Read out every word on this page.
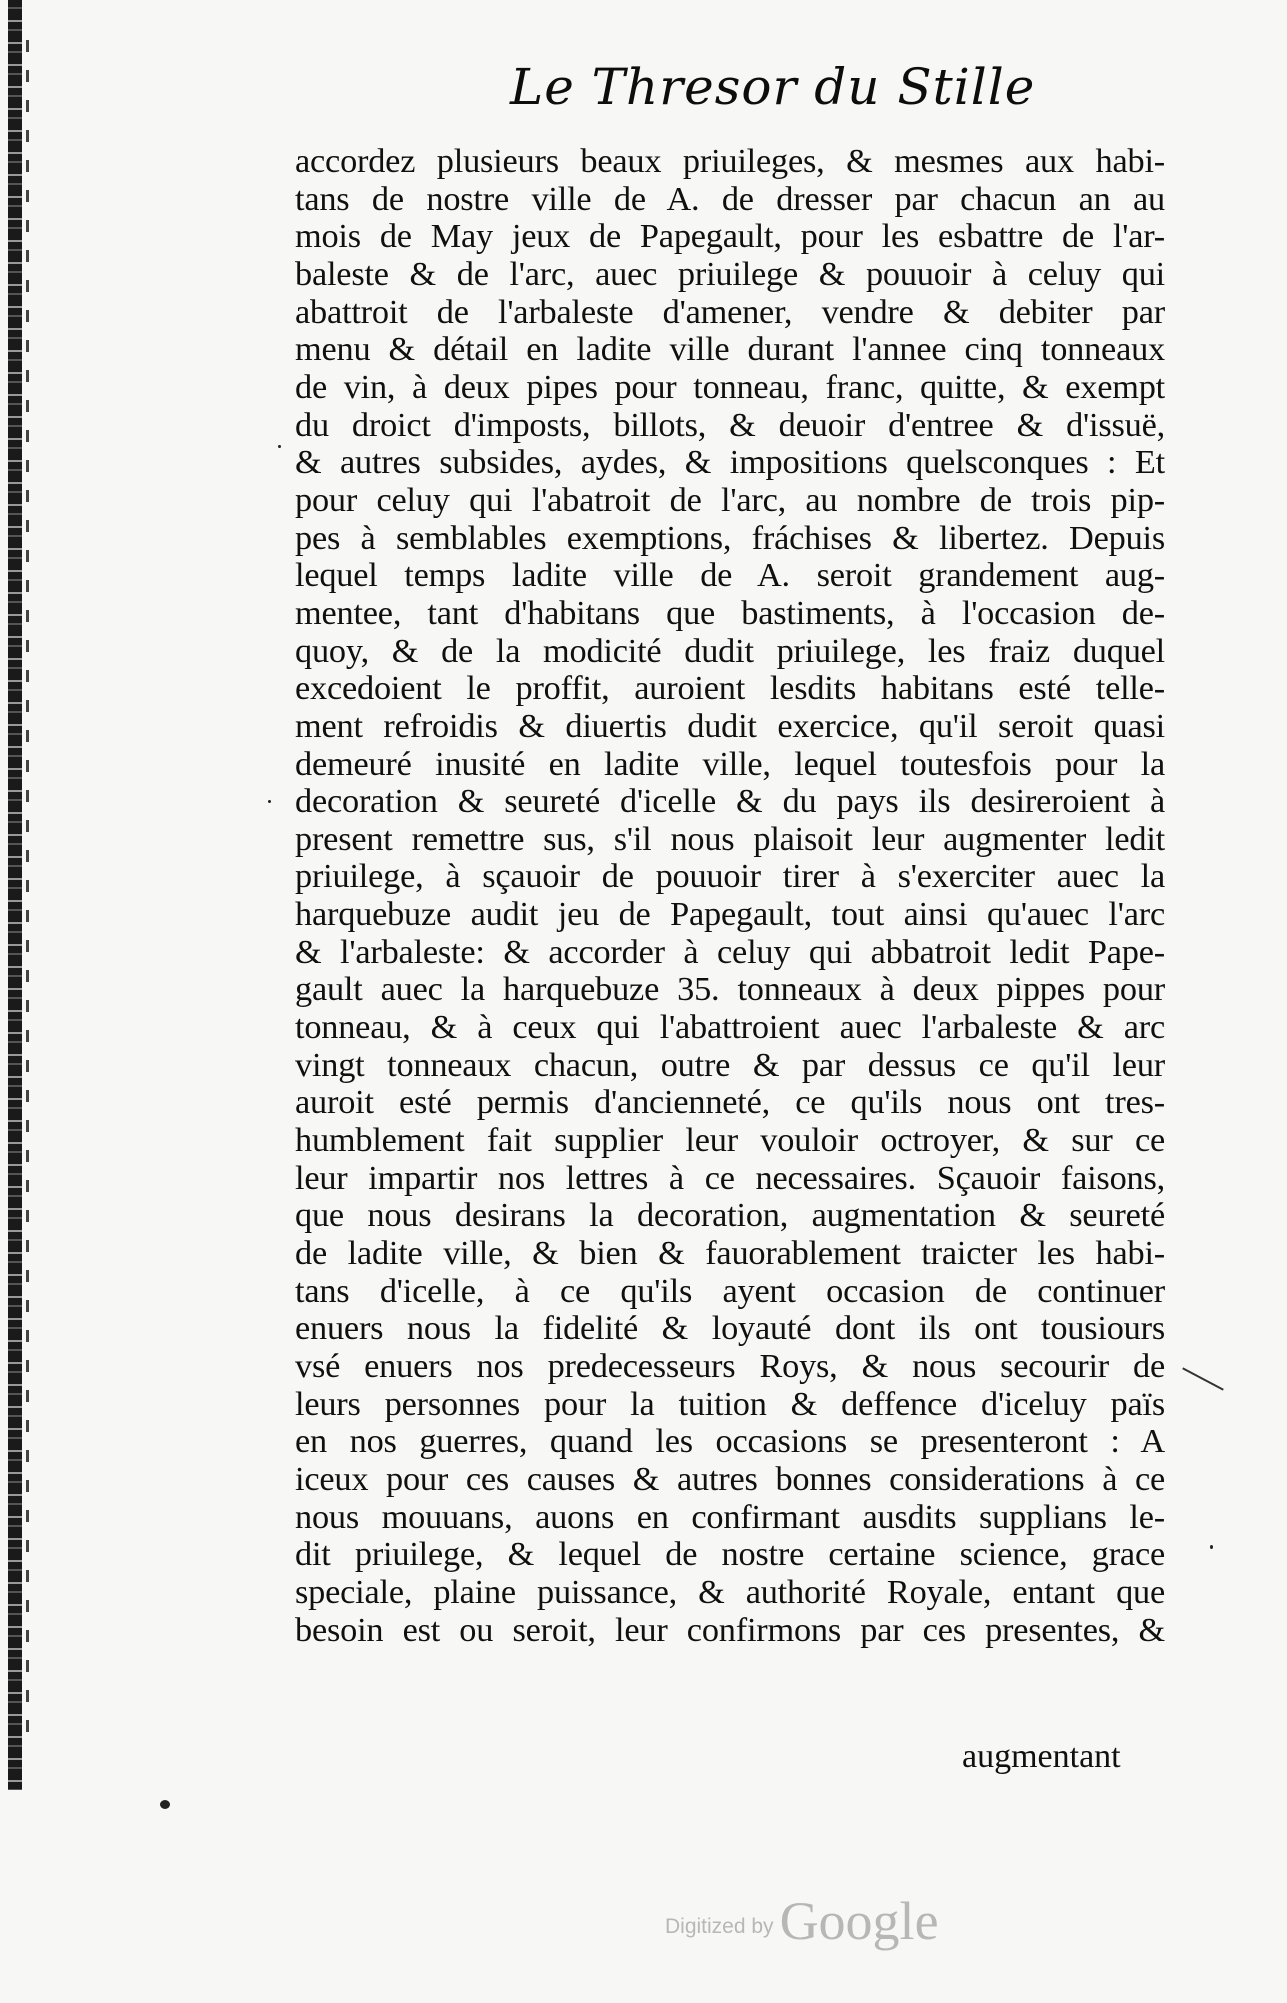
Le Thresor du Stille
accordez plusieurs beaux priuileges, & mesmes aux habi-
tans de nostre ville de A. de dresser par chacun an au
mois de May jeux de Papegault, pour les esbattre de l'ar-
baleste & de l'arc, auec priuilege & pouuoir à celuy qui
abattroit de l'arbaleste d'amener, vendre & debiter par
menu & détail en ladite ville durant l'annee cinq tonneaux
de vin, à deux pipes pour tonneau, franc, quitte, & exempt
du droict d'imposts, billots, & deuoir d'entree & d'issuë,
& autres subsides, aydes, & impositions quelsconques : Et
pour celuy qui l'abatroit de l'arc, au nombre de trois pip-
pes à semblables exemptions, fráchises & libertez. Depuis
lequel temps ladite ville de A. seroit grandement aug-
mentee, tant d'habitans que bastiments, à l'occasion de-
quoy, & de la modicité dudit priuilege, les fraiz duquel
excedoient le proffit, auroient lesdits habitans esté telle-
ment refroidis & diuertis dudit exercice, qu'il seroit quasi
demeuré inusité en ladite ville, lequel toutesfois pour la
decoration & seureté d'icelle & du pays ils desireroient à
present remettre sus, s'il nous plaisoit leur augmenter ledit
priuilege, à sçauoir de pouuoir tirer à s'exerciter auec la
harquebuze audit jeu de Papegault, tout ainsi qu'auec l'arc
& l'arbaleste: & accorder à celuy qui abbatroit ledit Pape-
gault auec la harquebuze 35. tonneaux à deux pippes pour
tonneau, & à ceux qui l'abattroient auec l'arbaleste & arc
vingt tonneaux chacun, outre & par dessus ce qu'il leur
auroit esté permis d'ancienneté, ce qu'ils nous ont tres-
humblement fait supplier leur vouloir octroyer, & sur ce
leur impartir nos lettres à ce necessaires. Sçauoir faisons,
que nous desirans la decoration, augmentation & seureté
de ladite ville, & bien & fauorablement traicter les habi-
tans d'icelle, à ce qu'ils ayent occasion de continuer
enuers nous la fidelité & loyauté dont ils ont tousiours
vsé enuers nos predecesseurs Roys, & nous secourir de
leurs personnes pour la tuition & deffence d'iceluy païs
en nos guerres, quand les occasions se presenteront : A
iceux pour ces causes & autres bonnes considerations à ce
nous mouuans, auons en confirmant ausdits supplians le-
dit priuilege, & lequel de nostre certaine science, grace
speciale, plaine puissance, & authorité Royale, entant que
besoin est ou seroit, leur confirmons par ces presentes, &
augmentant
Digitized by Google
